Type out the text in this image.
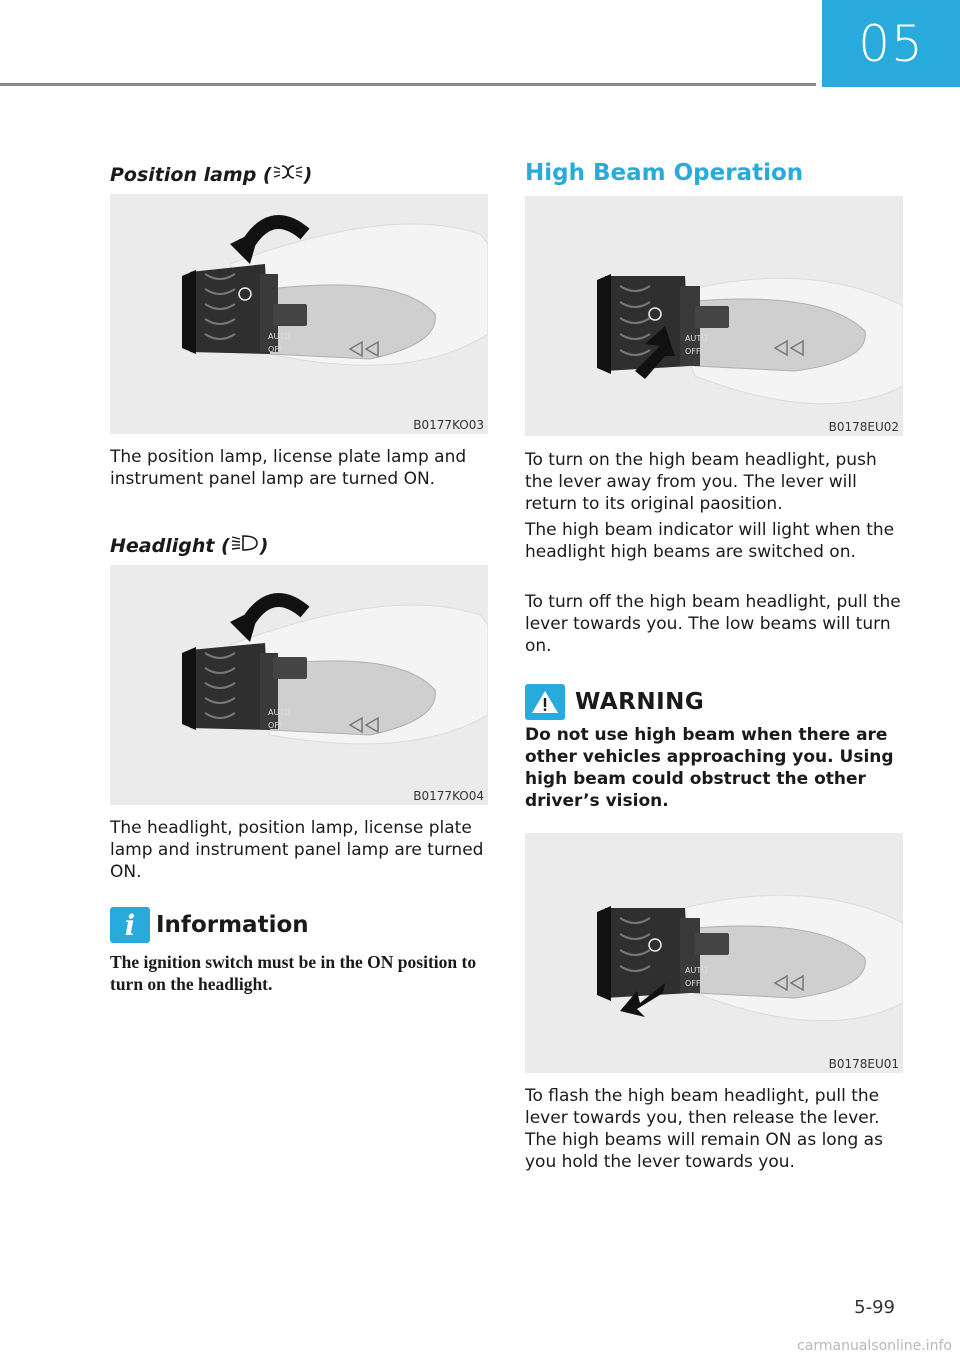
05
Position lamp ( )
AUTO
OFF
B0177KO03
The position lamp, license plate lamp and instrument panel lamp are turned ON.
Headlight ( )
AUTO
OFF
B0177KO04
The headlight, position lamp, license plate lamp and instrument panel lamp are turned ON.
i Information
The ignition switch must be in the ON position to turn on the headlight.
High Beam Operation
AUTO
OFF
B0178EU02
To turn on the high beam headlight, push the lever away from you. The lever will return to its original paosition.
The high beam indicator will light when the headlight high beams are switched on.
To turn off the high beam headlight, pull the lever towards you. The low beams will turn on.
WARNING
Do not use high beam when there are other vehicles approaching you. Using high beam could obstruct the other driver’s vision.
AUTO
OFF
B0178EU01
To flash the high beam headlight, pull the lever towards you, then release the lever. The high beams will remain ON as long as you hold the lever towards you.
5-99
carmanualsonline.info
